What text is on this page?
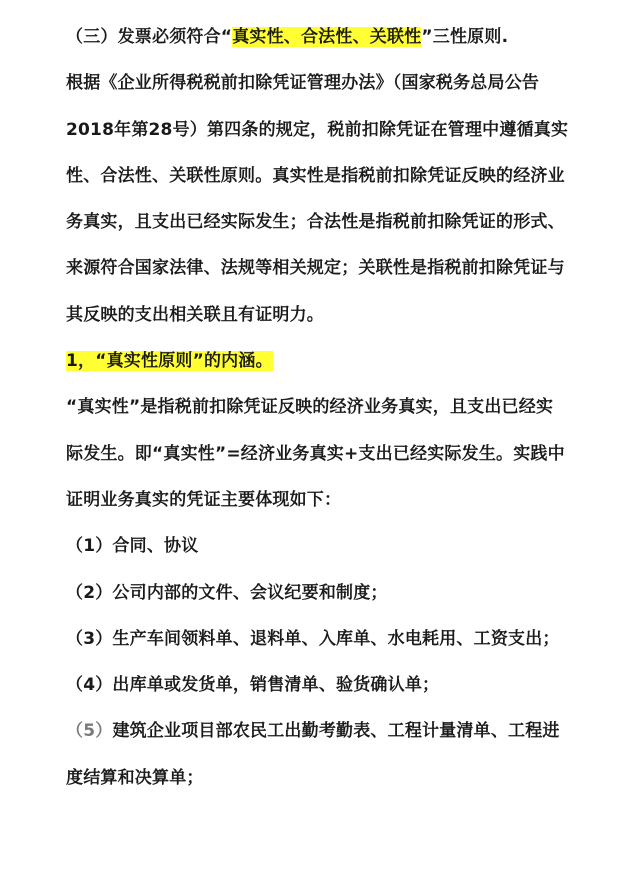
（三）发票必须符合“真实性、合法性、关联性”三性原则.
根据《企业所得税税前扣除凭证管理办法》（国家税务总局公告
2018年第28号）第四条的规定，税前扣除凭证在管理中遵循真实
性、合法性、关联性原则。真实性是指税前扣除凭证反映的经济业
务真实，且支出已经实际发生；合法性是指税前扣除凭证的形式、
来源符合国家法律、法规等相关规定；关联性是指税前扣除凭证与
其反映的支出相关联且有证明力。
1，“真实性原则”的内涵。
“真实性”是指税前扣除凭证反映的经济业务真实，且支出已经实
际发生。即“真实性”=经济业务真实+支出已经实际发生。实践中
证明业务真实的凭证主要体现如下：
（1）合同、协议
（2）公司内部的文件、会议纪要和制度；
（3）生产车间领料单、退料单、入库单、水电耗用、工资支出；
（4）出库单或发货单，销售清单、验货确认单；
（5）建筑企业项目部农民工出勤考勤表、工程计量清单、工程进
度结算和决算单；
